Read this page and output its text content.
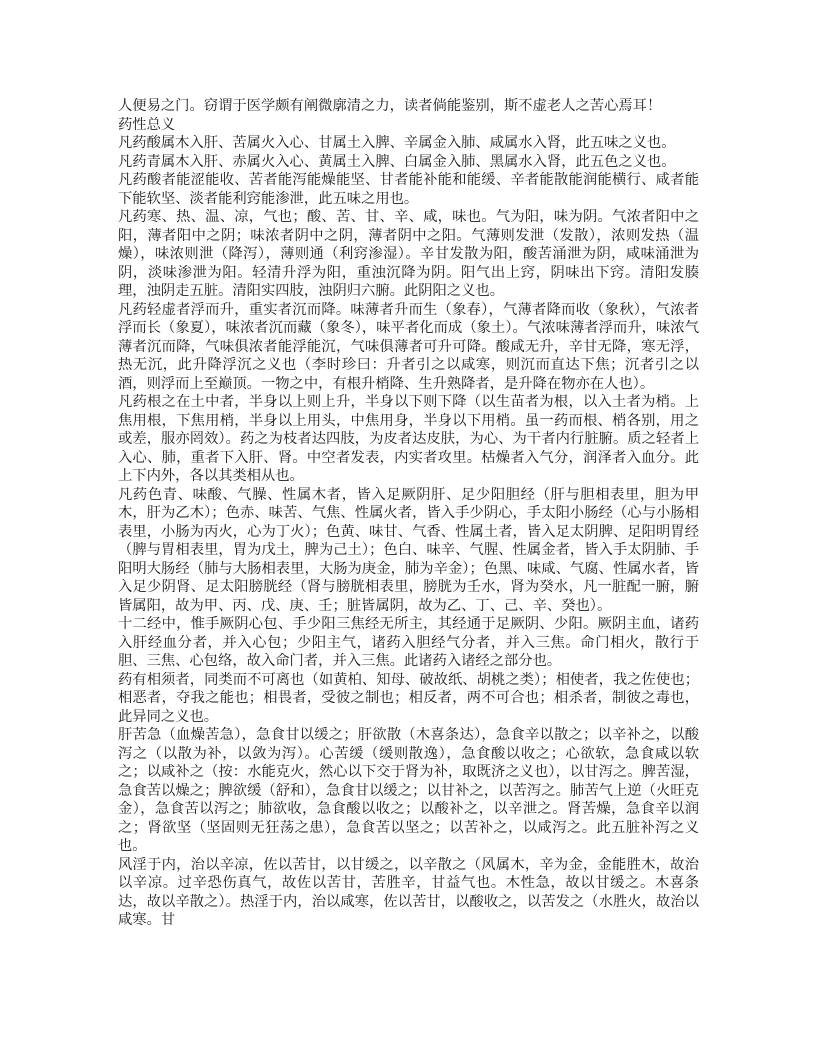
人便易之门。窃谓于医学颇有阐微廓清之力，读者倘能鉴别，斯不虚老人之苦心焉耳！

药性总义

凡药酸属木入肝、苦属火入心、甘属土入脾、辛属金入肺、咸属水入肾，此五味之义也。

凡药青属木入肝、赤属火入心、黄属土入脾、白属金入肺、黑属水入肾，此五色之义也。

凡药酸者能涩能收、苦者能泻能燥能坚、甘者能补能和能缓、辛者能散能润能横行、咸者能下能软坚、淡者能利窍能渗泄，此五味之用也。

凡药寒、热、温、凉，气也；酸、苦、甘、辛、咸，味也。气为阳，味为阴。气浓者阳中之阳，薄者阳中之阴；味浓者阴中之阴，薄者阴中之阳。气薄则发泄（发散），浓则发热（温燥），味浓则泄（降泻），薄则通（利窍渗湿）。辛甘发散为阳，酸苦涌泄为阴，咸味涌泄为阴，淡味渗泄为阳。轻清升浮为阳，重浊沉降为阴。阳气出上窍，阴味出下窍。清阳发腠理，浊阴走五脏。清阳实四肢，浊阴归六腑。此阴阳之义也。

凡药轻虚者浮而升，重实者沉而降。味薄者升而生（象春），气薄者降而收（象秋），气浓者浮而长（象夏），味浓者沉而藏（象冬），味平者化而成（象土）。气浓味薄者浮而升，味浓气薄者沉而降，气味俱浓者能浮能沉，气味俱薄者可升可降。酸咸无升，辛甘无降，寒无浮，热无沉，此升降浮沉之义也（李时珍曰：升者引之以咸寒，则沉而直达下焦；沉者引之以酒，则浮而上至巅顶。一物之中，有根升梢降、生升熟降者，是升降在物亦在人也）。

凡药根之在土中者，半身以上则上升，半身以下则下降（以生苗者为根，以入土者为梢。上焦用根，下焦用梢，半身以上用头，中焦用身，半身以下用梢。虽一药而根、梢各别，用之或差，服亦罔效）。药之为枝者达四肢，为皮者达皮肤，为心、为干者内行脏腑。质之轻者上入心、肺，重者下入肝、肾。中空者发表，内实者攻里。枯燥者入气分，润泽者入血分。此上下内外，各以其类相从也。

凡药色青、味酸、气臊、性属木者，皆入足厥阴肝、足少阳胆经（肝与胆相表里，胆为甲木，肝为乙木）；色赤、味苦、气焦、性属火者，皆入手少阴心，手太阳小肠经（心与小肠相表里，小肠为丙火，心为丁火）；色黄、味甘、气香、性属土者，皆入足太阴脾、足阳明胃经（脾与胃相表里，胃为戊土，脾为己土）；色白、味辛、气腥、性属金者，皆入手太阴肺、手阳明大肠经（肺与大肠相表里，大肠为庚金，肺为辛金）；色黑、味咸、气腐、性属水者，皆入足少阴肾、足太阳膀胱经（肾与膀胱相表里，膀胱为壬水，肾为癸水，凡一脏配一腑，腑皆属阳，故为甲、丙、戊、庚、壬；脏皆属阴，故为乙、丁、己、辛、癸也）。

十二经中，惟手厥阴心包、手少阳三焦经无所主，其经通于足厥阴、少阳。厥阴主血，诸药入肝经血分者，并入心包；少阳主气，诸药入胆经气分者，并入三焦。命门相火，散行于胆、三焦、心包络，故入命门者，并入三焦。此诸药入诸经之部分也。

药有相须者，同类而不可离也（如黄柏、知母、破故纸、胡桃之类）；相使者，我之佐使也；相恶者，夺我之能也；相畏者，受彼之制也；相反者，两不可合也；相杀者，制彼之毒也，此异同之义也。

肝苦急（血燥苦急），急食甘以缓之；肝欲散（木喜条达），急食辛以散之；以辛补之，以酸泻之（以散为补，以敛为泻）。心苦缓（缓则散逸），急食酸以收之；心欲软，急食咸以软之；以咸补之（按：水能克火，然心以下交于肾为补，取既济之义也），以甘泻之。脾苦湿，急食苦以燥之；脾欲缓（舒和），急食甘以缓之；以甘补之，以苦泻之。肺苦气上逆（火旺克金），急食苦以泻之；肺欲收，急食酸以收之；以酸补之，以辛泄之。肾苦燥，急食辛以润之；肾欲坚（坚固则无狂荡之患），急食苦以坚之；以苦补之，以咸泻之。此五脏补泻之义也。

风淫于内，治以辛凉，佐以苦甘，以甘缓之，以辛散之（风属木，辛为金，金能胜木，故治以辛凉。过辛恐伤真气，故佐以苦甘，苦胜辛，甘益气也。木性急，故以甘缓之。木喜条达，故以辛散之）。热淫于内，治以咸寒，佐以苦甘，以酸收之，以苦发之（水胜火，故治以咸寒。甘
